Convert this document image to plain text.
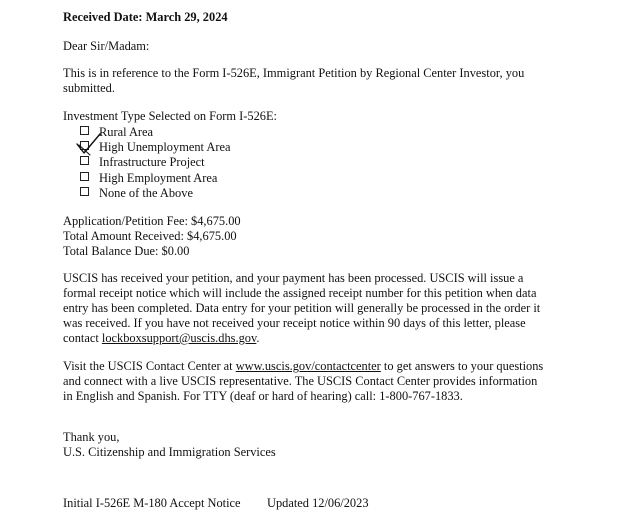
Received Date: March 29, 2024
Dear Sir/Madam:
This is in reference to the Form I-526E, Immigrant Petition by Regional Center Investor, you
submitted.
Investment Type Selected on Form I-526E:
Rural Area
High Unemployment Area
Infrastructure Project
High Employment Area
None of the Above
Application/Petition Fee: $4,675.00
Total Amount Received: $4,675.00
Total Balance Due: $0.00
USCIS has received your petition, and your payment has been processed. USCIS will issue a
formal receipt notice which will include the assigned receipt number for this petition when data
entry has been completed. Data entry for your petition will generally be processed in the order it
was received. If you have not received your receipt notice within 90 days of this letter, please
contact lockboxsupport@uscis.dhs.gov.
Visit the USCIS Contact Center at www.uscis.gov/contactcenter to get answers to your questions
and connect with a live USCIS representative. The USCIS Contact Center provides information
in English and Spanish. For TTY (deaf or hard of hearing) call: 1-800-767-1833.
Thank you,
U.S. Citizenship and Immigration Services
Initial I-526E M-180 Accept Notice Updated 12/06/2023
